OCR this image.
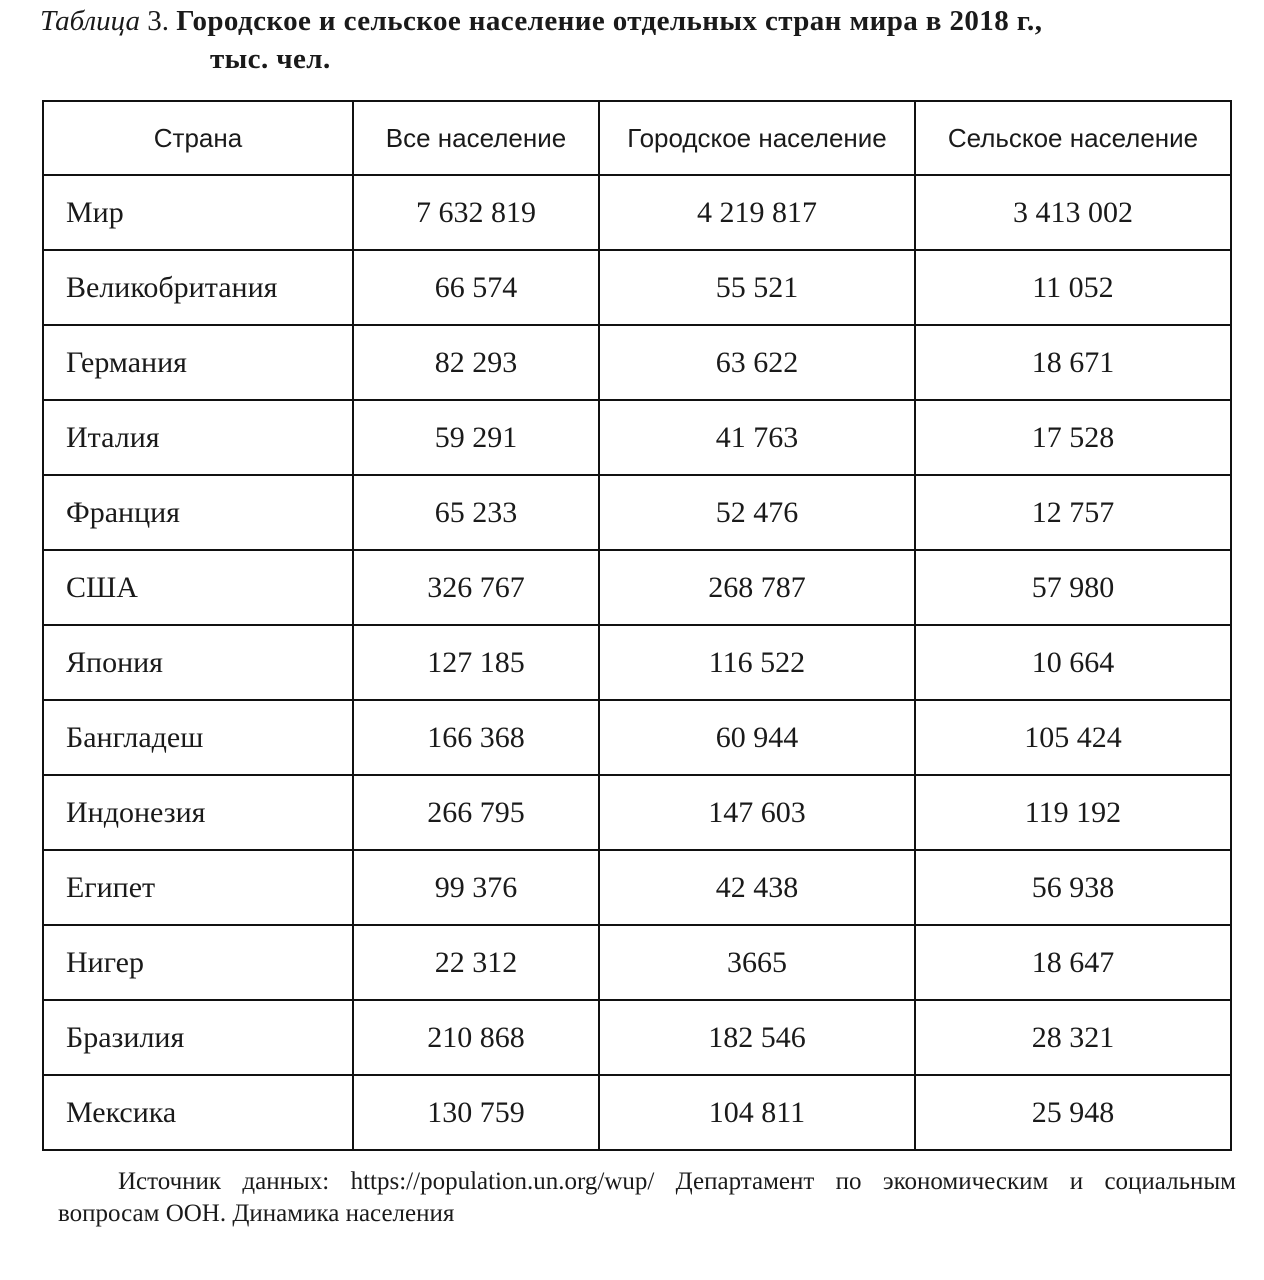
Таблица 3. Городское и сельское население отдельных стран мира в 2018 г.,
тыс. чел.
Страна	Все население	Городское население	Сельское население
Мир	7 632 819	4 219 817	3 413 002
Великобритания	66 574	55 521	11 052
Германия	82 293	63 622	18 671
Италия	59 291	41 763	17 528
Франция	65 233	52 476	12 757
США	326 767	268 787	57 980
Япония	127 185	116 522	10 664
Бангладеш	166 368	60 944	105 424
Индонезия	266 795	147 603	119 192
Египет	99 376	42 438	56 938
Нигер	22 312	3665	18 647
Бразилия	210 868	182 546	28 321
Мексика	130 759	104 811	25 948
Источник данных: https://population.un.org/wup/ Департамент по экономическим и социальным вопросам ООН. Динамика населения
